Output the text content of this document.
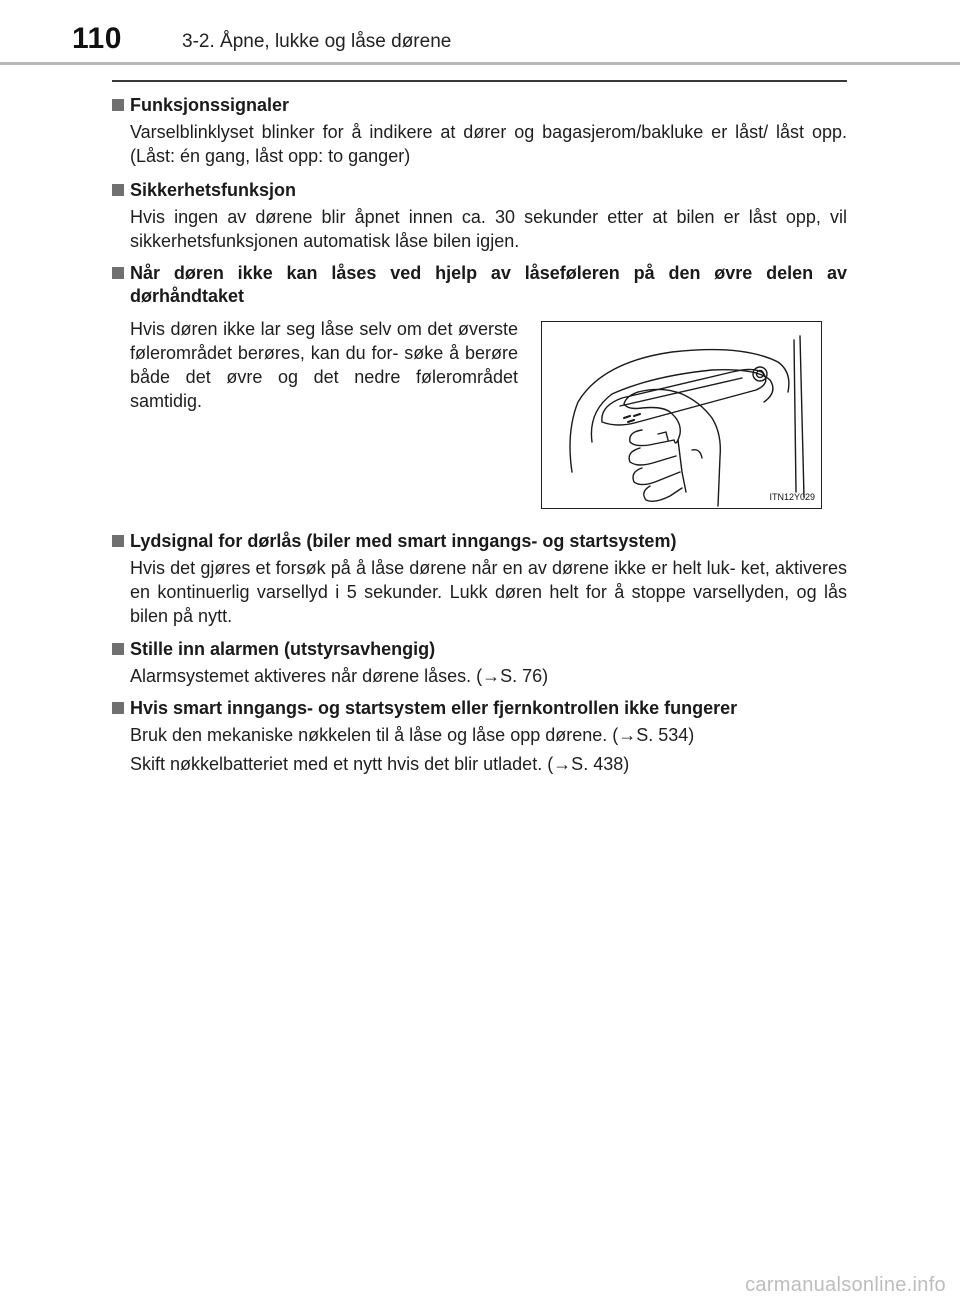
110	3-2. Åpne, lukke og låse dørene
Funksjonssignaler
Varselblinklyset blinker for å indikere at dører og bagasjerom/bakluke er låst/ låst opp. (Låst: én gang, låst opp: to ganger)
Sikkerhetsfunksjon
Hvis ingen av dørene blir åpnet innen ca. 30 sekunder etter at bilen er låst opp, vil sikkerhetsfunksjonen automatisk låse bilen igjen.
Når døren ikke kan låses ved hjelp av låseføleren på den øvre delen av dørhåndtaket
Hvis døren ikke lar seg låse selv om det øverste følerområdet berøres, kan du for- søke å berøre både det øvre og det nedre følerområdet samtidig.
ITN12Y029
Lydsignal for dørlås (biler med smart inngangs- og startsystem)
Hvis det gjøres et forsøk på å låse dørene når en av dørene ikke er helt luk- ket, aktiveres en kontinuerlig varsellyd i 5 sekunder. Lukk døren helt for å stoppe varsellyden, og lås bilen på nytt.
Stille inn alarmen (utstyrsavhengig)
Alarmsystemet aktiveres når dørene låses. (→S. 76)
Hvis smart inngangs- og startsystem eller fjernkontrollen ikke fungerer
Bruk den mekaniske nøkkelen til å låse og låse opp dørene. (→S. 534)
Skift nøkkelbatteriet med et nytt hvis det blir utladet. (→S. 438)
carmanualsonline.info
